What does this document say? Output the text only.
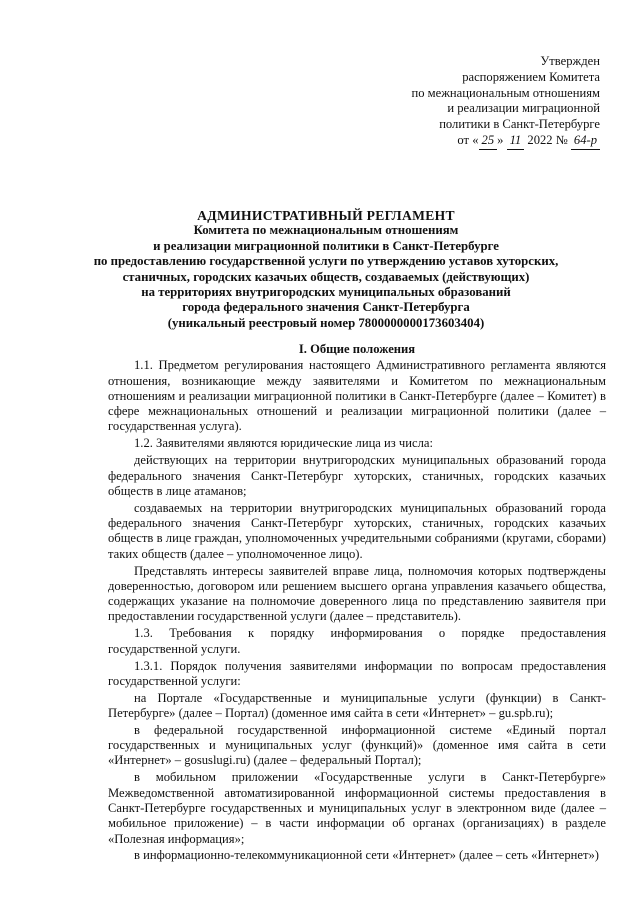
Утвержден
распоряжением Комитета
по межнациональным отношениям
и реализации миграционной
политики в Санкт-Петербурге
от « 25 » 11 2022 № 64-р
АДМИНИСТРАТИВНЫЙ РЕГЛАМЕНТ
Комитета по межнациональным отношениям
и реализации миграционной политики в Санкт-Петербурге
по предоставлению государственной услуги по утверждению уставов хуторских,
станичных, городских казачьих обществ, создаваемых (действующих)
на территориях внутригородских муниципальных образований
города федерального значения Санкт-Петербурга
(уникальный реестровый номер 7800000000173603404)
I. Общие положения

1.1. Предметом регулирования настоящего Административного регламента являются отношения, возникающие между заявителями и Комитетом по межнациональным отношениям и реализации миграционной политики в Санкт-Петербурге (далее – Комитет) в сфере межнациональных отношений и реализации миграционной политики (далее – государственная услуга).

1.2. Заявителями являются юридические лица из числа:

действующих на территории внутригородских муниципальных образований города федерального значения Санкт-Петербург хуторских, станичных, городских казачьих обществ в лице атаманов;

создаваемых на территории внутригородских муниципальных образований города федерального значения Санкт-Петербург хуторских, станичных, городских казачьих обществ в лице граждан, уполномоченных учредительными собраниями (кругами, сборами) таких обществ (далее – уполномоченное лицо).

Представлять интересы заявителей вправе лица, полномочия которых подтверждены доверенностью, договором или решением высшего органа управления казачьего общества, содержащих указание на полномочие доверенного лица по представлению заявителя при предоставлении государственной услуги (далее – представитель).

1.3. Требования к порядку информирования о порядке предоставления государственной услуги.

1.3.1. Порядок получения заявителями информации по вопросам предоставления государственной услуги:

на Портале «Государственные и муниципальные услуги (функции) в Санкт-Петербурге» (далее – Портал) (доменное имя сайта в сети «Интернет» – gu.spb.ru);

в федеральной государственной информационной системе «Единый портал государственных и муниципальных услуг (функций)» (доменное имя сайта в сети «Интернет» – gosuslugi.ru) (далее – федеральный Портал);

в мобильном приложении «Государственные услуги в Санкт-Петербурге» Межведомственной автоматизированной информационной системы предоставления в Санкт-Петербурге государственных и муниципальных услуг в электронном виде (далее – мобильное приложение) – в части информации об органах (организациях) в разделе «Полезная информация»;

в информационно-телекоммуникационной сети «Интернет» (далее – сеть «Интернет»)
